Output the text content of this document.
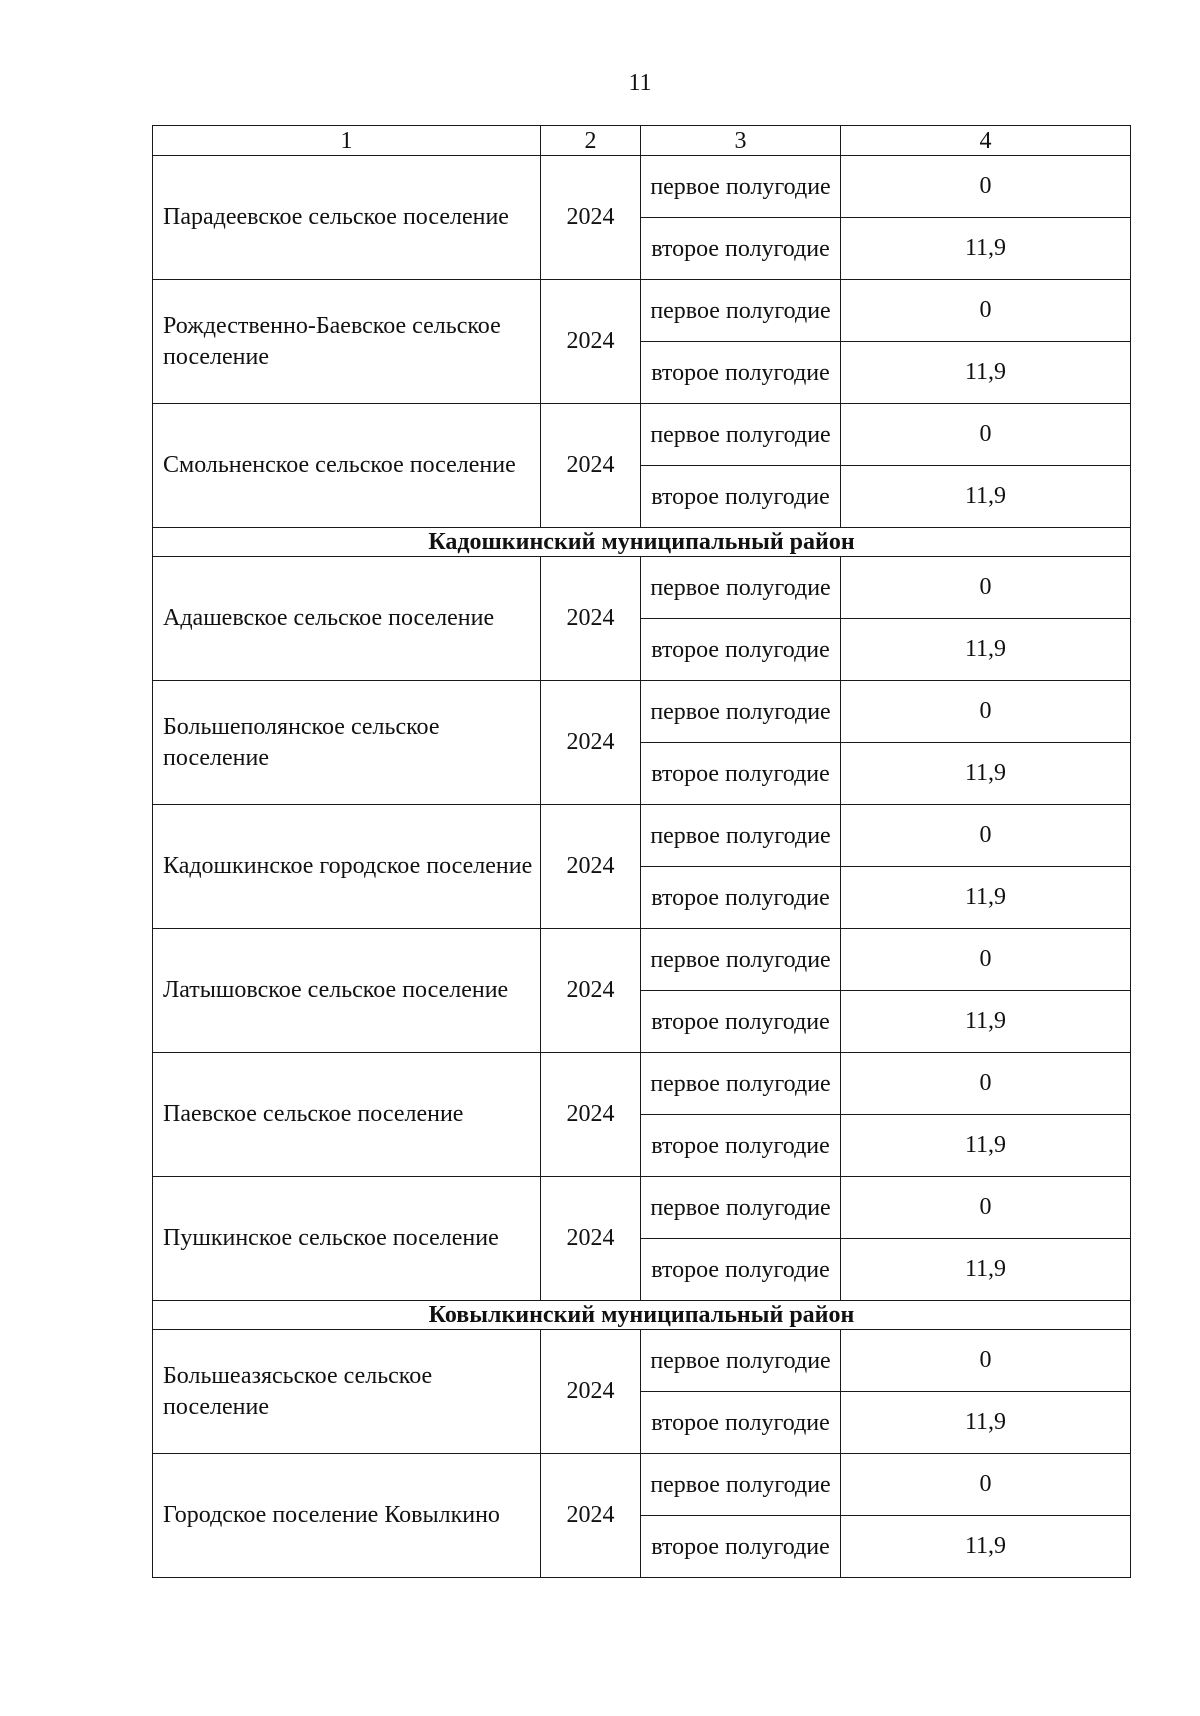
11
1	2	3	4
Парадеевское сельское поселение	2024	первое полугодие	0
		второе полугодие	11,9
Рождественно-Баевское сельское поселение	2024	первое полугодие	0
		второе полугодие	11,9
Смольненское сельское поселение	2024	первое полугодие	0
		второе полугодие	11,9
Кадошкинский муниципальный район			
Адашевское сельское поселение	2024	первое полугодие	0
		второе полугодие	11,9
Большеполянское сельское поселение	2024	первое полугодие	0
		второе полугодие	11,9
Кадошкинское городское поселение	2024	первое полугодие	0
		второе полугодие	11,9
Латышовское сельское поселение	2024	первое полугодие	0
		второе полугодие	11,9
Паевское сельское поселение	2024	первое полугодие	0
		второе полугодие	11,9
Пушкинское сельское поселение	2024	первое полугодие	0
		второе полугодие	11,9
Ковылкинский муниципальный район			
Большеазясьское сельское поселение	2024	первое полугодие	0
		второе полугодие	11,9
Городское поселение Ковылкино	2024	первое полугодие	0
		второе полугодие	11,9
